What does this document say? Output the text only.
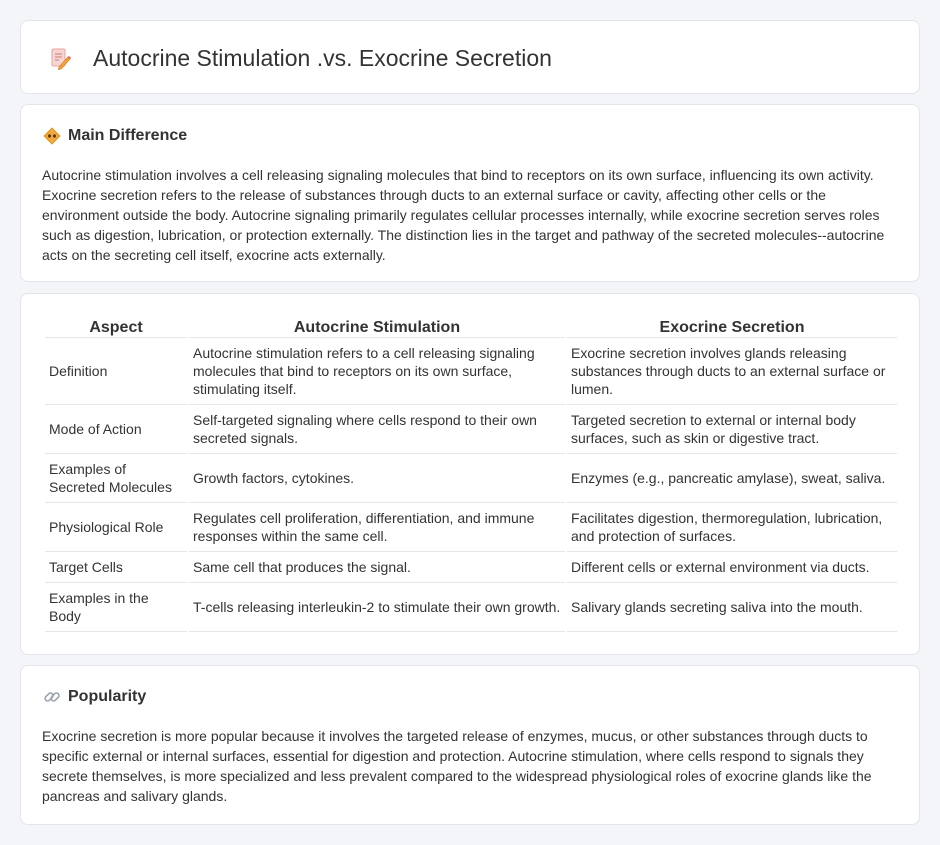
Autocrine Stimulation .vs. Exocrine Secretion
Main Difference

Autocrine stimulation involves a cell releasing signaling molecules that bind to receptors on its own surface, influencing its own activity. Exocrine secretion refers to the release of substances through ducts to an external surface or cavity, affecting other cells or the environment outside the body. Autocrine signaling primarily regulates cellular processes internally, while exocrine secretion serves roles such as digestion, lubrication, or protection externally. The distinction lies in the target and pathway of the secreted molecules--autocrine acts on the secreting cell itself, exocrine acts externally.

Aspect	Autocrine Stimulation	Exocrine Secretion
Definition	Autocrine stimulation refers to a cell releasing signaling molecules that bind to receptors on its own surface, stimulating itself.	Exocrine secretion involves glands releasing substances through ducts to an external surface or lumen.
Mode of Action	Self-targeted signaling where cells respond to their own secreted signals.	Targeted secretion to external or internal body surfaces, such as skin or digestive tract.
Examples of Secreted Molecules	Growth factors, cytokines.	Enzymes (e.g., pancreatic amylase), sweat, saliva.
Physiological Role	Regulates cell proliferation, differentiation, and immune responses within the same cell.	Facilitates digestion, thermoregulation, lubrication, and protection of surfaces.
Target Cells	Same cell that produces the signal.	Different cells or external environment via ducts.
Examples in the Body	T-cells releasing interleukin-2 to stimulate their own growth.	Salivary glands secreting saliva into the mouth.
Popularity

Exocrine secretion is more popular because it involves the targeted release of enzymes, mucus, or other substances through ducts to specific external or internal surfaces, essential for digestion and protection. Autocrine stimulation, where cells respond to signals they secrete themselves, is more specialized and less prevalent compared to the widespread physiological roles of exocrine glands like the pancreas and salivary glands.
